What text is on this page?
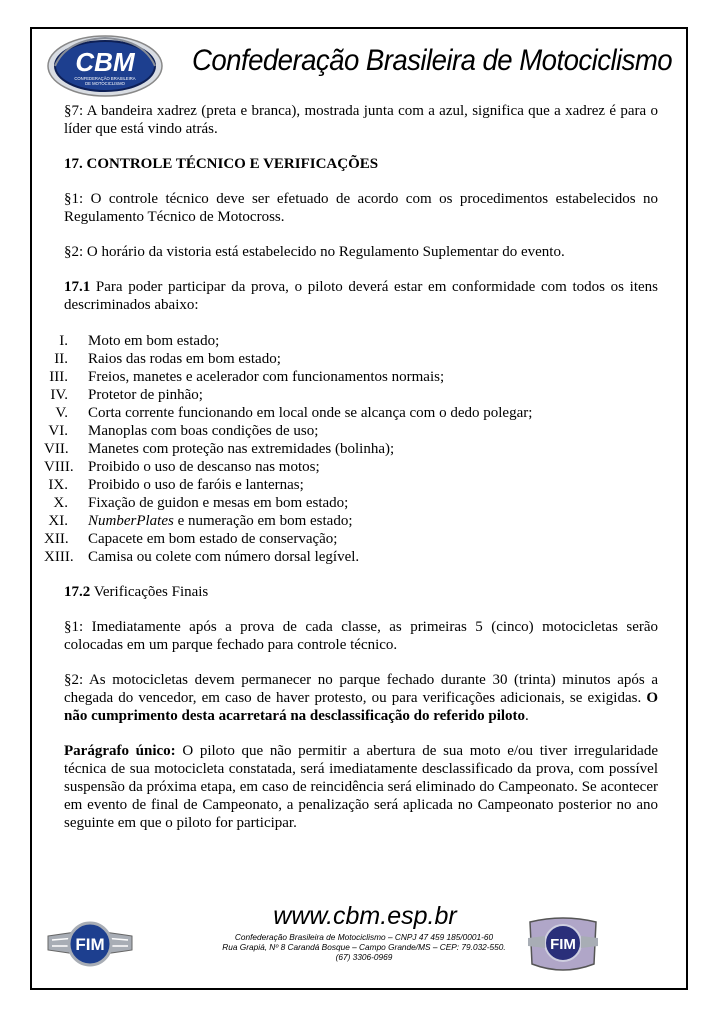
CBM
CONFEDERAÇÃO BRASILEIRA
DE MOTOCICLISMO
Confederação Brasileira de Motociclismo

§7: A bandeira xadrez (preta e branca), mostrada junta com a azul, significa que a xadrez é para o líder que está vindo atrás.

17. CONTROLE TÉCNICO E VERIFICAÇÕES

§1: O controle técnico deve ser efetuado de acordo com os procedimentos estabelecidos no Regulamento Técnico de Motocross.

§2: O horário da vistoria está estabelecido no Regulamento Suplementar do evento.

17.1 Para poder participar da prova, o piloto deverá estar em conformidade com todos os itens descriminados abaixo:

I. Moto em bom estado;
II. Raios das rodas em bom estado;
III. Freios, manetes e acelerador com funcionamentos normais;
IV. Protetor de pinhão;
V. Corta corrente funcionando em local onde se alcança com o dedo polegar;
VI. Manoplas com boas condições de uso;
VII. Manetes com proteção nas extremidades (bolinha);
VIII. Proibido o uso de descanso nas motos;
IX. Proibido o uso de faróis e lanternas;
X. Fixação de guidon e mesas em bom estado;
XI. NumberPlates e numeração em bom estado;
XII. Capacete em bom estado de conservação;
XIII. Camisa ou colete com número dorsal legível.

17.2 Verificações Finais

§1: Imediatamente após a prova de cada classe, as primeiras 5 (cinco) motocicletas serão colocadas em um parque fechado para controle técnico.

§2: As motocicletas devem permanecer no parque fechado durante 30 (trinta) minutos após a chegada do vencedor, em caso de haver protesto, ou para verificações adicionais, se exigidas. O não cumprimento desta acarretará na desclassificação do referido piloto.

Parágrafo único: O piloto que não permitir a abertura de sua moto e/ou tiver irregularidade técnica de sua motocicleta constatada, será imediatamente desclassificado da prova, com possível suspensão da próxima etapa, em caso de reincidência será eliminado do Campeonato. Se acontecer em evento de final de Campeonato, a penalização será aplicada no Campeonato posterior no ano seguinte em que o piloto for participar.

FIM
www.cbm.esp.br
Confederação Brasileira de Motociclismo – CNPJ 47 459 185/0001-60
Rua Grapiá, Nº 8 Carandá Bosque – Campo Grande/MS – CEP: 79.032-550.
(67) 3306-0969
FIM
